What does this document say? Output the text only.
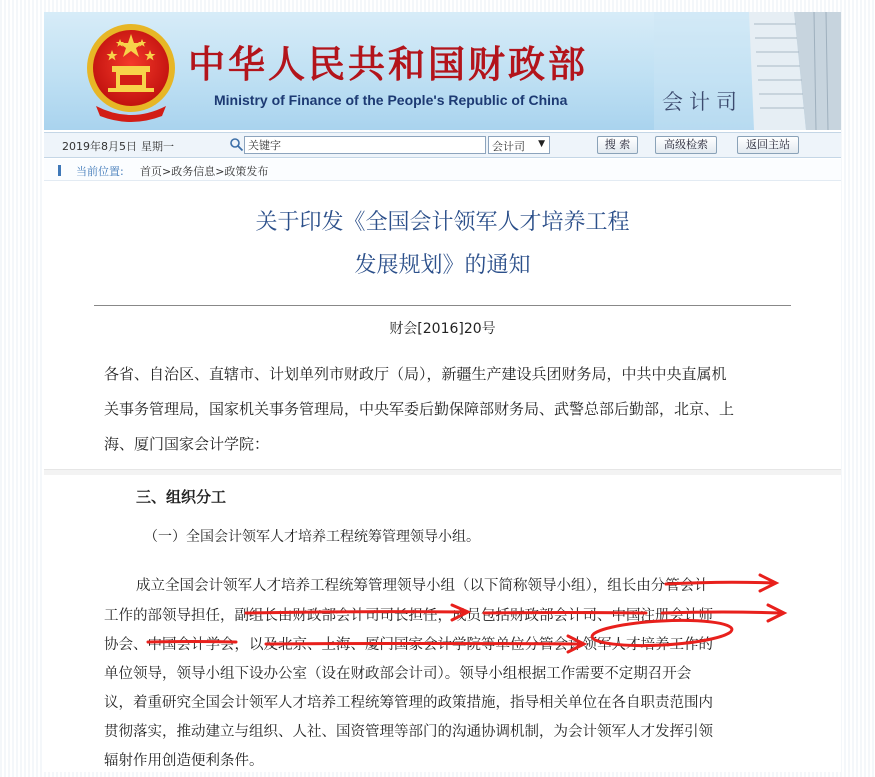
中华人民共和国财政部
Ministry of Finance of the People's Republic of China	会计司
2019年8月5日 星期一
关键字	会计司 ▼	搜 索	高级检索	返回主站
当前位置: 首页>政务信息>政策发布
关于印发《全国会计领军人才培养工程
发展规划》的通知
财会[2016]20号
各省、自治区、直辖市、计划单列市财政厅（局），新疆生产建设兵团财务局，中共中央直属机
关事务管理局，国家机关事务管理局，中央军委后勤保障部财务局、武警总部后勤部，北京、上
海、厦门国家会计学院：
三、组织分工
（一）全国会计领军人才培养工程统筹管理领导小组。
成立全国会计领军人才培养工程统筹管理领导小组（以下简称领导小组），组长由分管会计
工作的部领导担任，副组长由财政部会计司司长担任，成员包括财政部会计司、中国注册会计师
协会、中国会计学会，以及北京、上海、厦门国家会计学院等单位分管会计领军人才培养工作的
单位领导，领导小组下设办公室（设在财政部会计司）。领导小组根据工作需要不定期召开会
议，着重研究全国会计领军人才培养工程统筹管理的政策措施，指导相关单位在各自职责范围内
贯彻落实，推动建立与组织、人社、国资管理等部门的沟通协调机制，为会计领军人才发挥引领
辐射作用创造便利条件。
